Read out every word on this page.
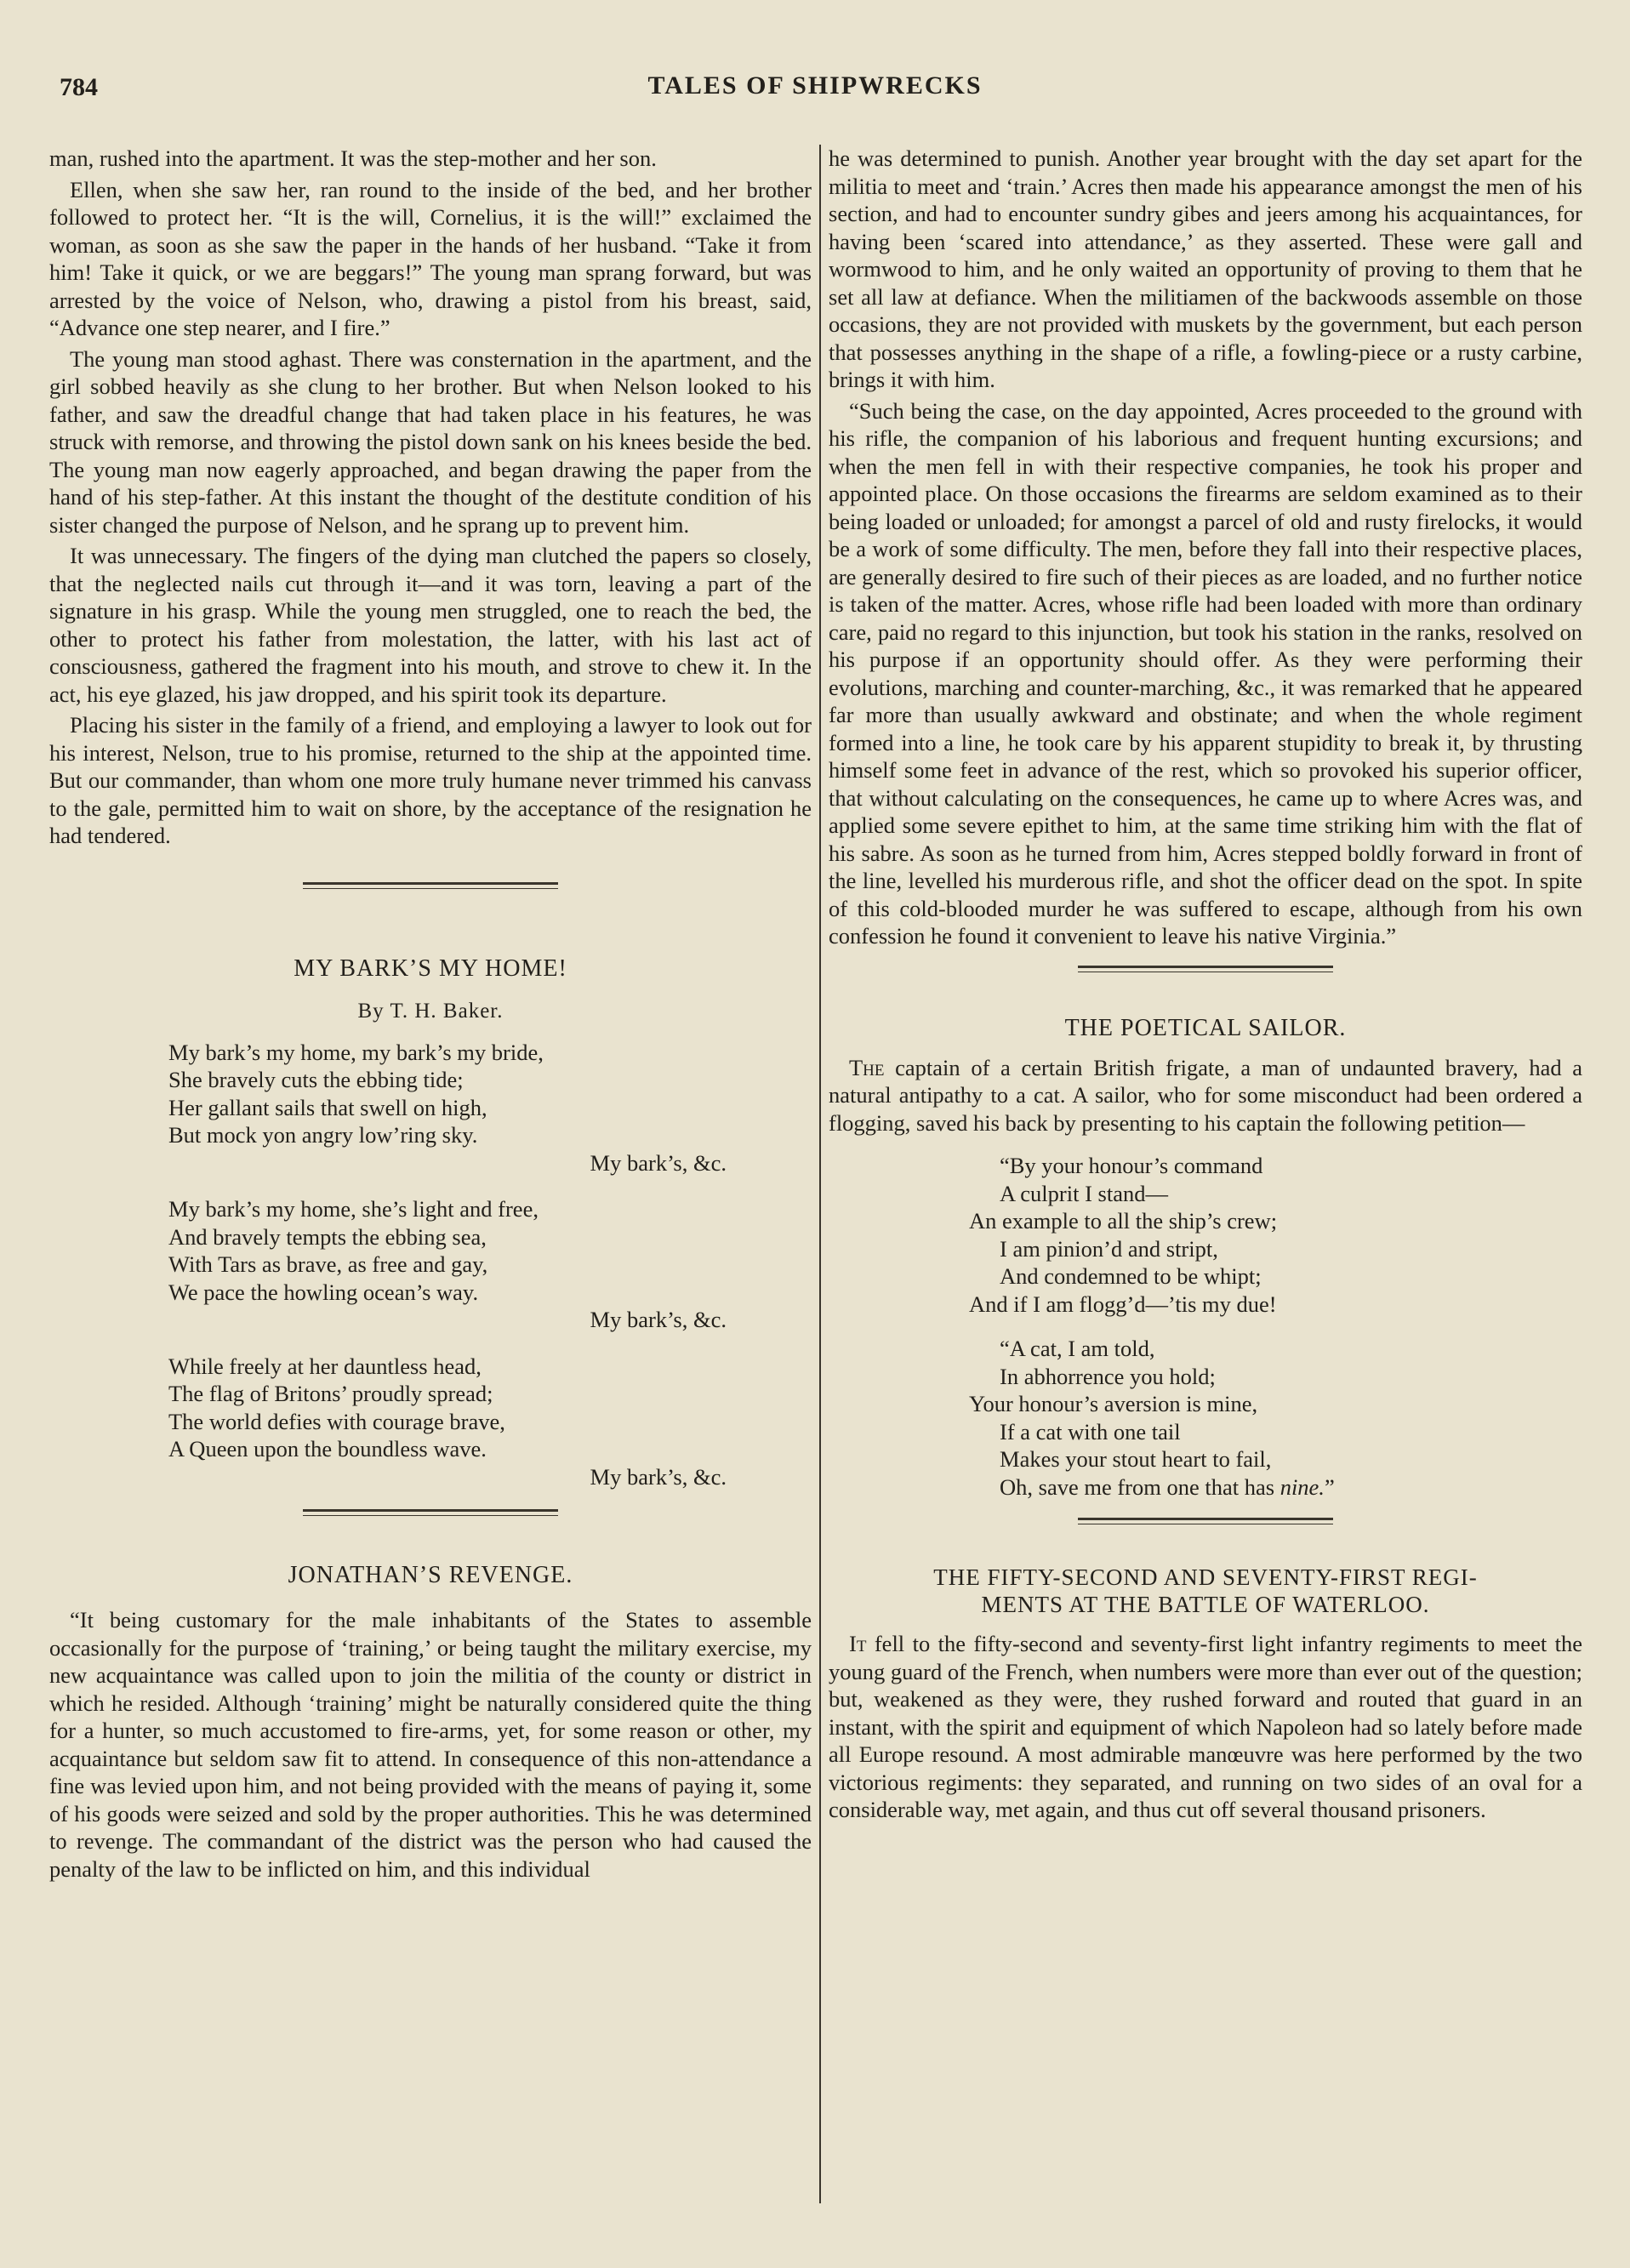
784	TALES OF SHIPWRECKS

man, rushed into the apartment. It was the step-mother and her son.

Ellen, when she saw her, ran round to the inside of the bed, and her brother followed to protect her. “It is the will, Cornelius, it is the will!” exclaimed the woman, as soon as she saw the paper in the hands of her husband. “Take it from him! Take it quick, or we are beggars!” The young man sprang forward, but was arrested by the voice of Nelson, who, drawing a pistol from his breast, said, “Advance one step nearer, and I fire.”

The young man stood aghast. There was consternation in the apartment, and the girl sobbed heavily as she clung to her brother. But when Nelson looked to his father, and saw the dreadful change that had taken place in his features, he was struck with remorse, and throwing the pistol down sank on his knees beside the bed. The young man now eagerly approached, and began drawing the paper from the hand of his step-father. At this instant the thought of the destitute condition of his sister changed the purpose of Nelson, and he sprang up to prevent him.

It was unnecessary. The fingers of the dying man clutched the papers so closely, that the neglected nails cut through it—and it was torn, leaving a part of the signature in his grasp. While the young men struggled, one to reach the bed, the other to protect his father from molestation, the latter, with his last act of consciousness, gathered the fragment into his mouth, and strove to chew it. In the act, his eye glazed, his jaw dropped, and his spirit took its departure.

Placing his sister in the family of a friend, and employing a lawyer to look out for his interest, Nelson, true to his promise, returned to the ship at the appointed time. But our commander, than whom one more truly humane never trimmed his canvass to the gale, permitted him to wait on shore, by the acceptance of the resignation he had tendered.

MY BARK’S MY HOME!
By T. H. Baker.
My bark’s my home, my bark’s my bride,
She bravely cuts the ebbing tide;
Her gallant sails that swell on high,
But mock yon angry low’ring sky.
My bark’s, &c.
My bark’s my home, she’s light and free,
And bravely tempts the ebbing sea,
With Tars as brave, as free and gay,
We pace the howling ocean’s way.
My bark’s, &c.
While freely at her dauntless head,
The flag of Britons’ proudly spread;
The world defies with courage brave,
A Queen upon the boundless wave.
My bark’s, &c.
JONATHAN’S REVENGE.

“It being customary for the male inhabitants of the States to assemble occasionally for the purpose of ‘training,’ or being taught the military exercise, my new acquaintance was called upon to join the militia of the county or district in which he resided. Although ‘training’ might be naturally considered quite the thing for a hunter, so much accustomed to fire-arms, yet, for some reason or other, my acquaintance but seldom saw fit to attend. In consequence of this non-attendance a fine was levied upon him, and not being provided with the means of paying it, some of his goods were seized and sold by the proper authorities. This he was determined to revenge. The commandant of the district was the person who had caused the penalty of the law to be inflicted on him, and this individual

he was determined to punish. Another year brought with the day set apart for the militia to meet and ‘train.’ Acres then made his appearance amongst the men of his section, and had to encounter sundry gibes and jeers among his acquaintances, for having been ‘scared into attendance,’ as they asserted. These were gall and wormwood to him, and he only waited an opportunity of proving to them that he set all law at defiance. When the militiamen of the backwoods assemble on those occasions, they are not provided with muskets by the government, but each person that possesses anything in the shape of a rifle, a fowling-piece or a rusty carbine, brings it with him.

“Such being the case, on the day appointed, Acres proceeded to the ground with his rifle, the companion of his laborious and frequent hunting excursions; and when the men fell in with their respective companies, he took his proper and appointed place. On those occasions the firearms are seldom examined as to their being loaded or unloaded; for amongst a parcel of old and rusty firelocks, it would be a work of some difficulty. The men, before they fall into their respective places, are generally desired to fire such of their pieces as are loaded, and no further notice is taken of the matter. Acres, whose rifle had been loaded with more than ordinary care, paid no regard to this injunction, but took his station in the ranks, resolved on his purpose if an opportunity should offer. As they were performing their evolutions, marching and counter-marching, &c., it was remarked that he appeared far more than usually awkward and obstinate; and when the whole regiment formed into a line, he took care by his apparent stupidity to break it, by thrusting himself some feet in advance of the rest, which so provoked his superior officer, that without calculating on the consequences, he came up to where Acres was, and applied some severe epithet to him, at the same time striking him with the flat of his sabre. As soon as he turned from him, Acres stepped boldly forward in front of the line, levelled his murderous rifle, and shot the officer dead on the spot. In spite of this cold-blooded murder he was suffered to escape, although from his own confession he found it convenient to leave his native Virginia.”

THE POETICAL SAILOR.

The captain of a certain British frigate, a man of undaunted bravery, had a natural antipathy to a cat. A sailor, who for some misconduct had been ordered a flogging, saved his back by presenting to his captain the following petition—

“By your honour’s command
A culprit I stand—
An example to all the ship’s crew;
I am pinion’d and stript,
And condemned to be whipt;
And if I am flogg’d—’tis my due!
“A cat, I am told,
In abhorrence you hold;
Your honour’s aversion is mine,
If a cat with one tail
Makes your stout heart to fail,
Oh, save me from one that has nine.”
THE FIFTY-SECOND AND SEVENTY-FIRST REGI-
MENTS AT THE BATTLE OF WATERLOO.

It fell to the fifty-second and seventy-first light infantry regiments to meet the young guard of the French, when numbers were more than ever out of the question; but, weakened as they were, they rushed forward and routed that guard in an instant, with the spirit and equipment of which Napoleon had so lately before made all Europe resound. A most admirable manœuvre was here performed by the two victorious regiments: they separated, and running on two sides of an oval for a considerable way, met again, and thus cut off several thousand prisoners.
